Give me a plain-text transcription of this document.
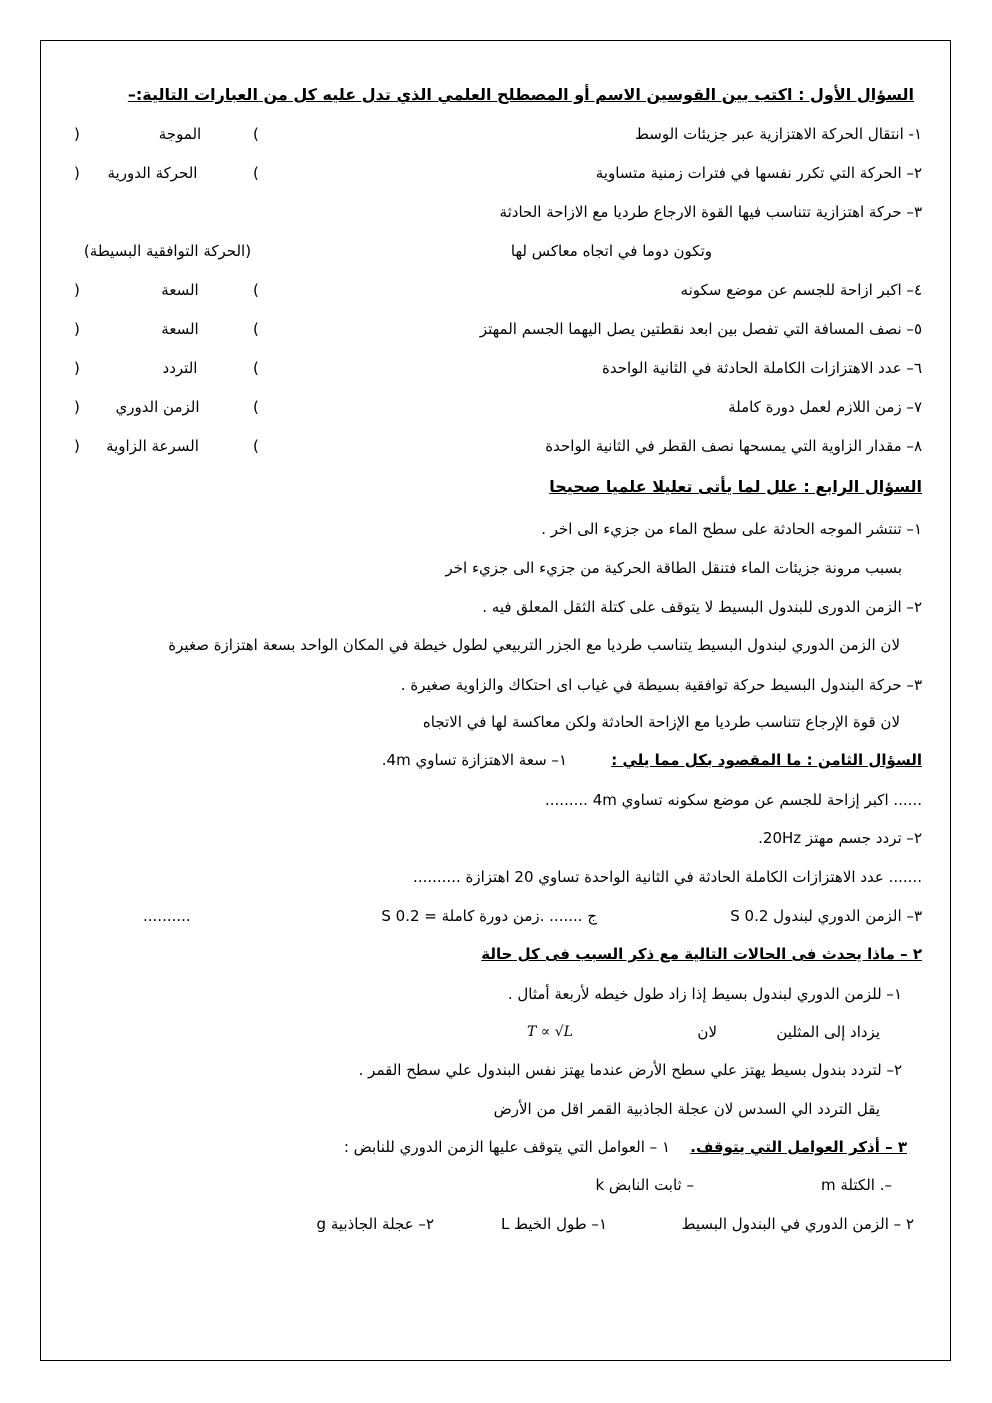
السؤال الأول : اكتب بين القوسين الاسم أو المصطلح العلمي الذي تدل عليه كل من العبارات التالية:–
١- انتقال الحركة الاهتزازية عبر جزيئات الوسط
(
الموجة
)
٢– الحركة التي تكرر نفسها في فترات زمنية متساوية
(
الحركة الدورية
)
٣– حركة اهتزازية تتناسب فيها القوة الارجاع طرديا مع الازاحة الحادثة
وتكون دوما في اتجاه معاكس لها
(الحركة التوافقية البسيطة)
٤– اكبر ازاحة للجسم عن موضع سكونه
(
السعة
)
٥– نصف المسافة التي تفصل بين ابعد نقطتين يصل اليهما الجسم المهتز
(
السعة
)
٦– عدد الاهتزازات الكاملة الحادثة في الثانية الواحدة
(
التردد
)
٧– زمن اللازم لعمل دورة كاملة
(
الزمن الدوري
)
٨– مقدار الزاوية التي يمسحها نصف القطر في الثانية الواحدة
(
السرعة الزاوية
)
السؤال الرابع : علل لما يأتى تعليلا علميا صحيحا
١– تنتشر الموجه الحادثة على سطح الماء من جزيء الى اخر .
بسبب مرونة جزيئات الماء فتنقل الطاقة الحركية من جزيء الى جزيء اخر
٢– الزمن الدورى للبندول البسيط لا يتوقف على كتلة الثقل المعلق فيه .
لان الزمن الدوري لبندول البسيط يتناسب طرديا مع الجزر التربيعي لطول خيطة في المكان الواحد بسعة اهتزازة صغيرة
٣– حركة البندول البسيط حركة توافقية بسيطة في غياب اى احتكاك والزاوية صغيرة .
لان قوة الإرجاع تتناسب طرديا مع الإزاحة الحادثة ولكن معاكسة لها في الاتجاه
السؤال الثامن : ما المقصود بكل مما يلي :
١– سعة الاهتزازة تساوي 4m.
...... اكبر إزاحة للجسم عن موضع سكونه تساوي 4m .........
٢– تردد جسم مهتز 20Hz.
....... عدد الاهتزازات الكاملة الحادثة في الثانية الواحدة تساوي 20 اهتزازة ..........
٣– الزمن الدوري لبندول 0.2 S
ج ....... .زمن دورة كاملة = S 0.2
..........
٢ – ماذا يحدث فى الحالات التالية مع ذكر السبب فى كل حالة
١– للزمن الدوري لبندول بسيط إذا زاد طول خيطه لأربعة أمثال .
يزداد إلى المثلين
لان
T ∝ √L
٢– لتردد بندول بسيط يهتز علي سطح الأرض عندما يهتز نفس البندول علي سطح القمر .
يقل التردد الي السدس لان عجلة الجاذبية القمر اقل من الأرض
٣ – أذكر العوامل التي يتوقف.
١ – العوامل التي يتوقف عليها الزمن الدوري للنابض :
–. الكتلة m
– ثابت النابض k
٢ – الزمن الدوري في البندول البسيط
١– طول الخيط L
٢– عجلة الجاذبية g
